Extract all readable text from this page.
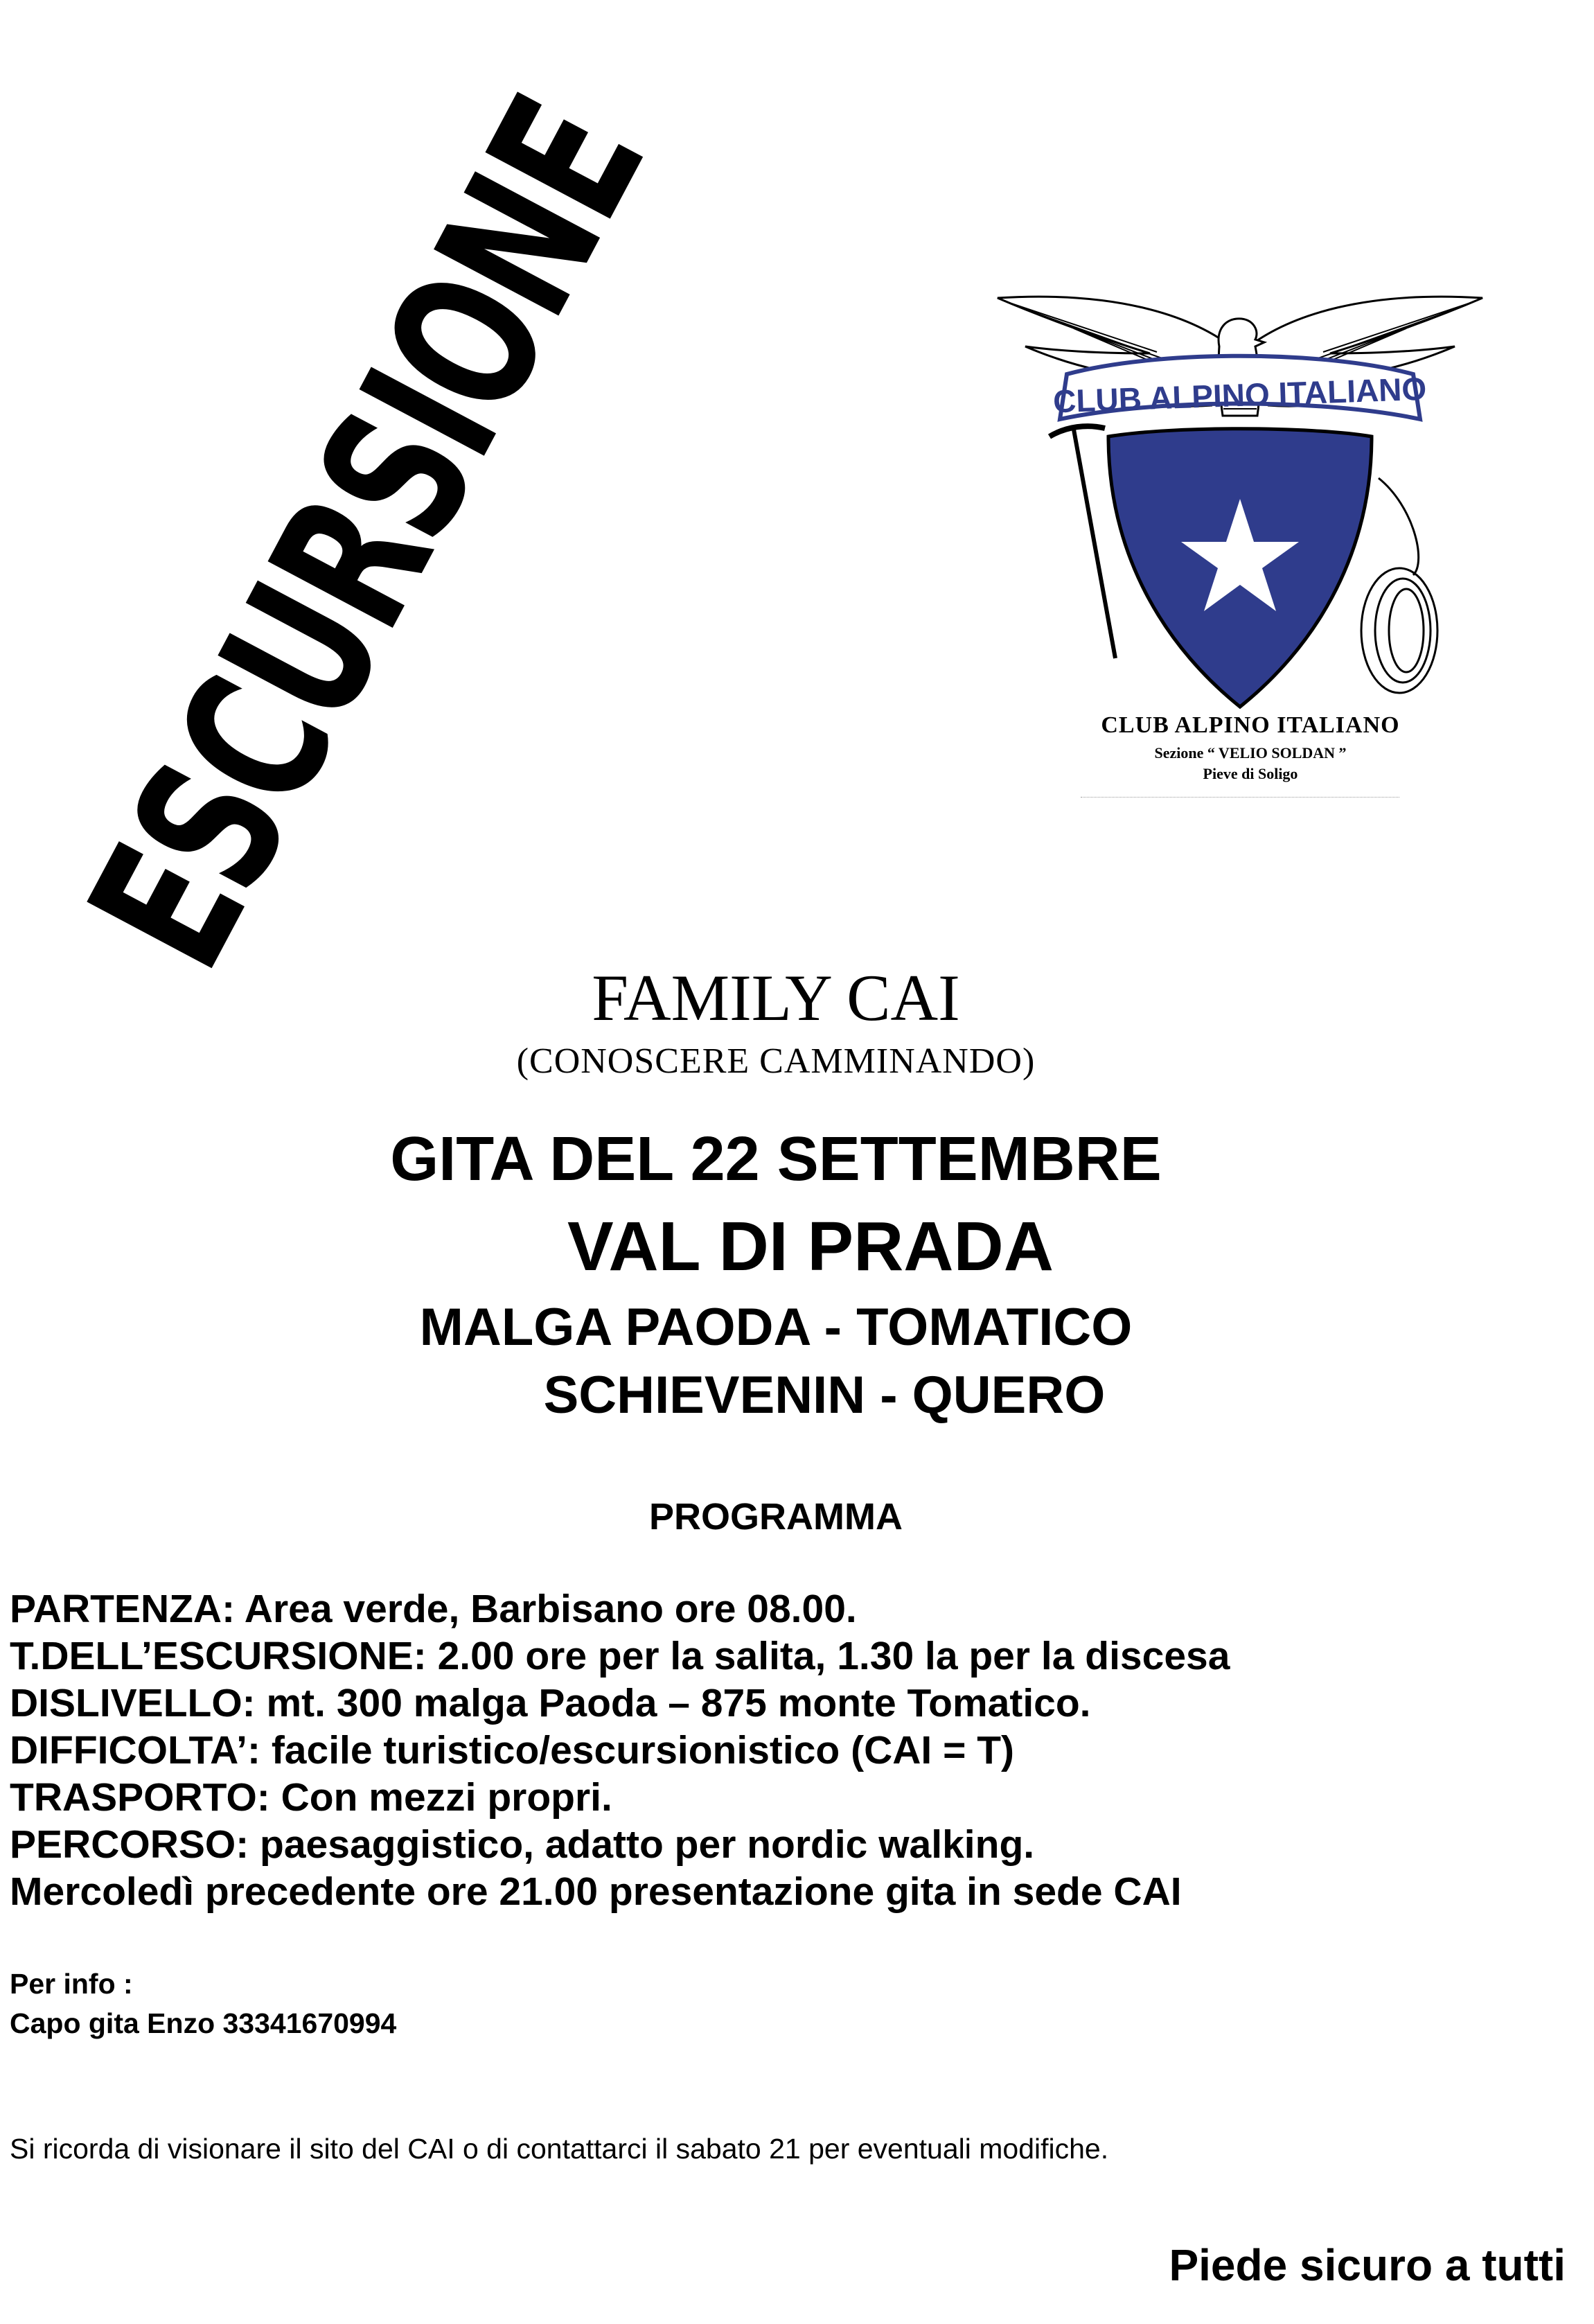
ESCURSIONE	CLUB ALPINO ITALIANO
CLUB ALPINO ITALIANO
Sezione “ VELIO SOLDAN ”
Pieve di Soligo
FAMILY CAI
(CONOSCERE CAMMINANDO)
GITA DEL 22 SETTEMBRE
VAL DI PRADA
MALGA PAODA - TOMATICO
SCHIEVENIN - QUERO
PROGRAMMA
PARTENZA: Area verde, Barbisano ore 08.00.
T.DELL’ESCURSIONE: 2.00 ore per la salita, 1.30 la per la discesa
DISLIVELLO: mt. 300 malga Paoda – 875 monte Tomatico.
DIFFICOLTA’: facile turistico/escursionistico (CAI = T)
TRASPORTO: Con mezzi propri.
PERCORSO: paesaggistico, adatto per nordic walking.
Mercoledì precedente ore 21.00 presentazione gita in sede CAI
Per info :
Capo gita Enzo 33341670994
Si ricorda di visionare il sito del CAI o di contattarci il sabato 21 per eventuali modifiche.
Piede sicuro a tutti
